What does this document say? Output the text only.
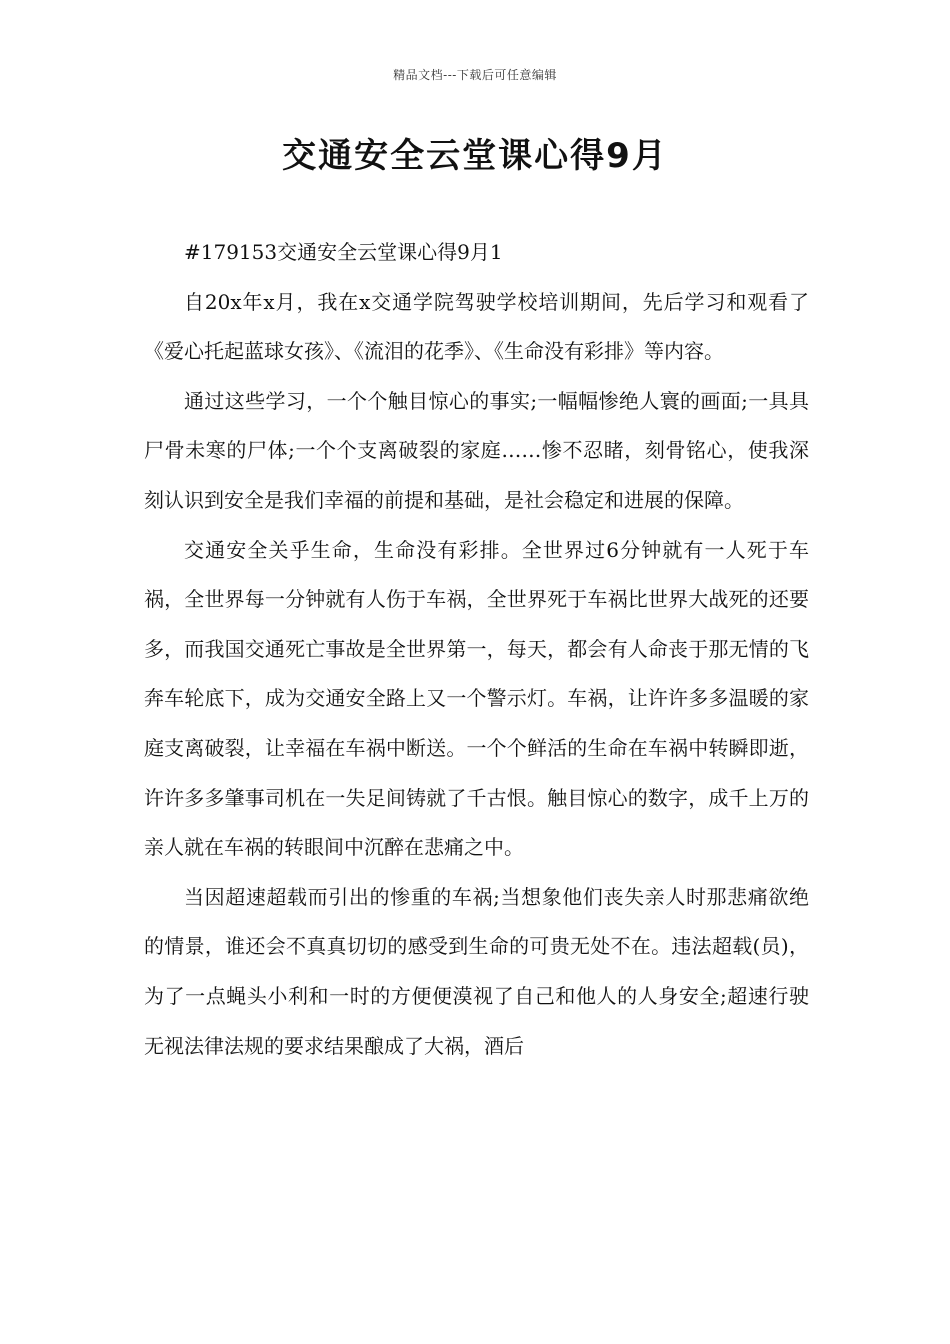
精品文档---下载后可任意编辑
交通安全云堂课心得9月

#179153交通安全云堂课心得9月1

自20x年x月，我在x交通学院驾驶学校培训期间，先后学习和观看了《爱心托起蓝球女孩》、《流泪的花季》、《生命没有彩排》等内容。

通过这些学习，一个个触目惊心的事实;一幅幅惨绝人寰的画面;一具具尸骨未寒的尸体;一个个支离破裂的家庭……惨不忍睹，刻骨铭心，使我深刻认识到安全是我们幸福的前提和基础，是社会稳定和进展的保障。

交通安全关乎生命，生命没有彩排。全世界过6分钟就有一人死于车祸，全世界每一分钟就有人伤于车祸，全世界死于车祸比世界大战死的还要多，而我国交通死亡事故是全世界第一，每天，都会有人命丧于那无情的飞奔车轮底下，成为交通安全路上又一个警示灯。车祸，让许许多多温暖的家庭支离破裂，让幸福在车祸中断送。一个个鲜活的生命在车祸中转瞬即逝，许许多多肇事司机在一失足间铸就了千古恨。触目惊心的数字，成千上万的亲人就在车祸的转眼间中沉醉在悲痛之中。

当因超速超载而引出的惨重的车祸;当想象他们丧失亲人时那悲痛欲绝的情景，谁还会不真真切切的感受到生命的可贵无处不在。违法超载(员)，为了一点蝇头小利和一时的方便便漠视了自己和他人的人身安全;超速行驶无视法律法规的要求结果酿成了大祸，酒后
